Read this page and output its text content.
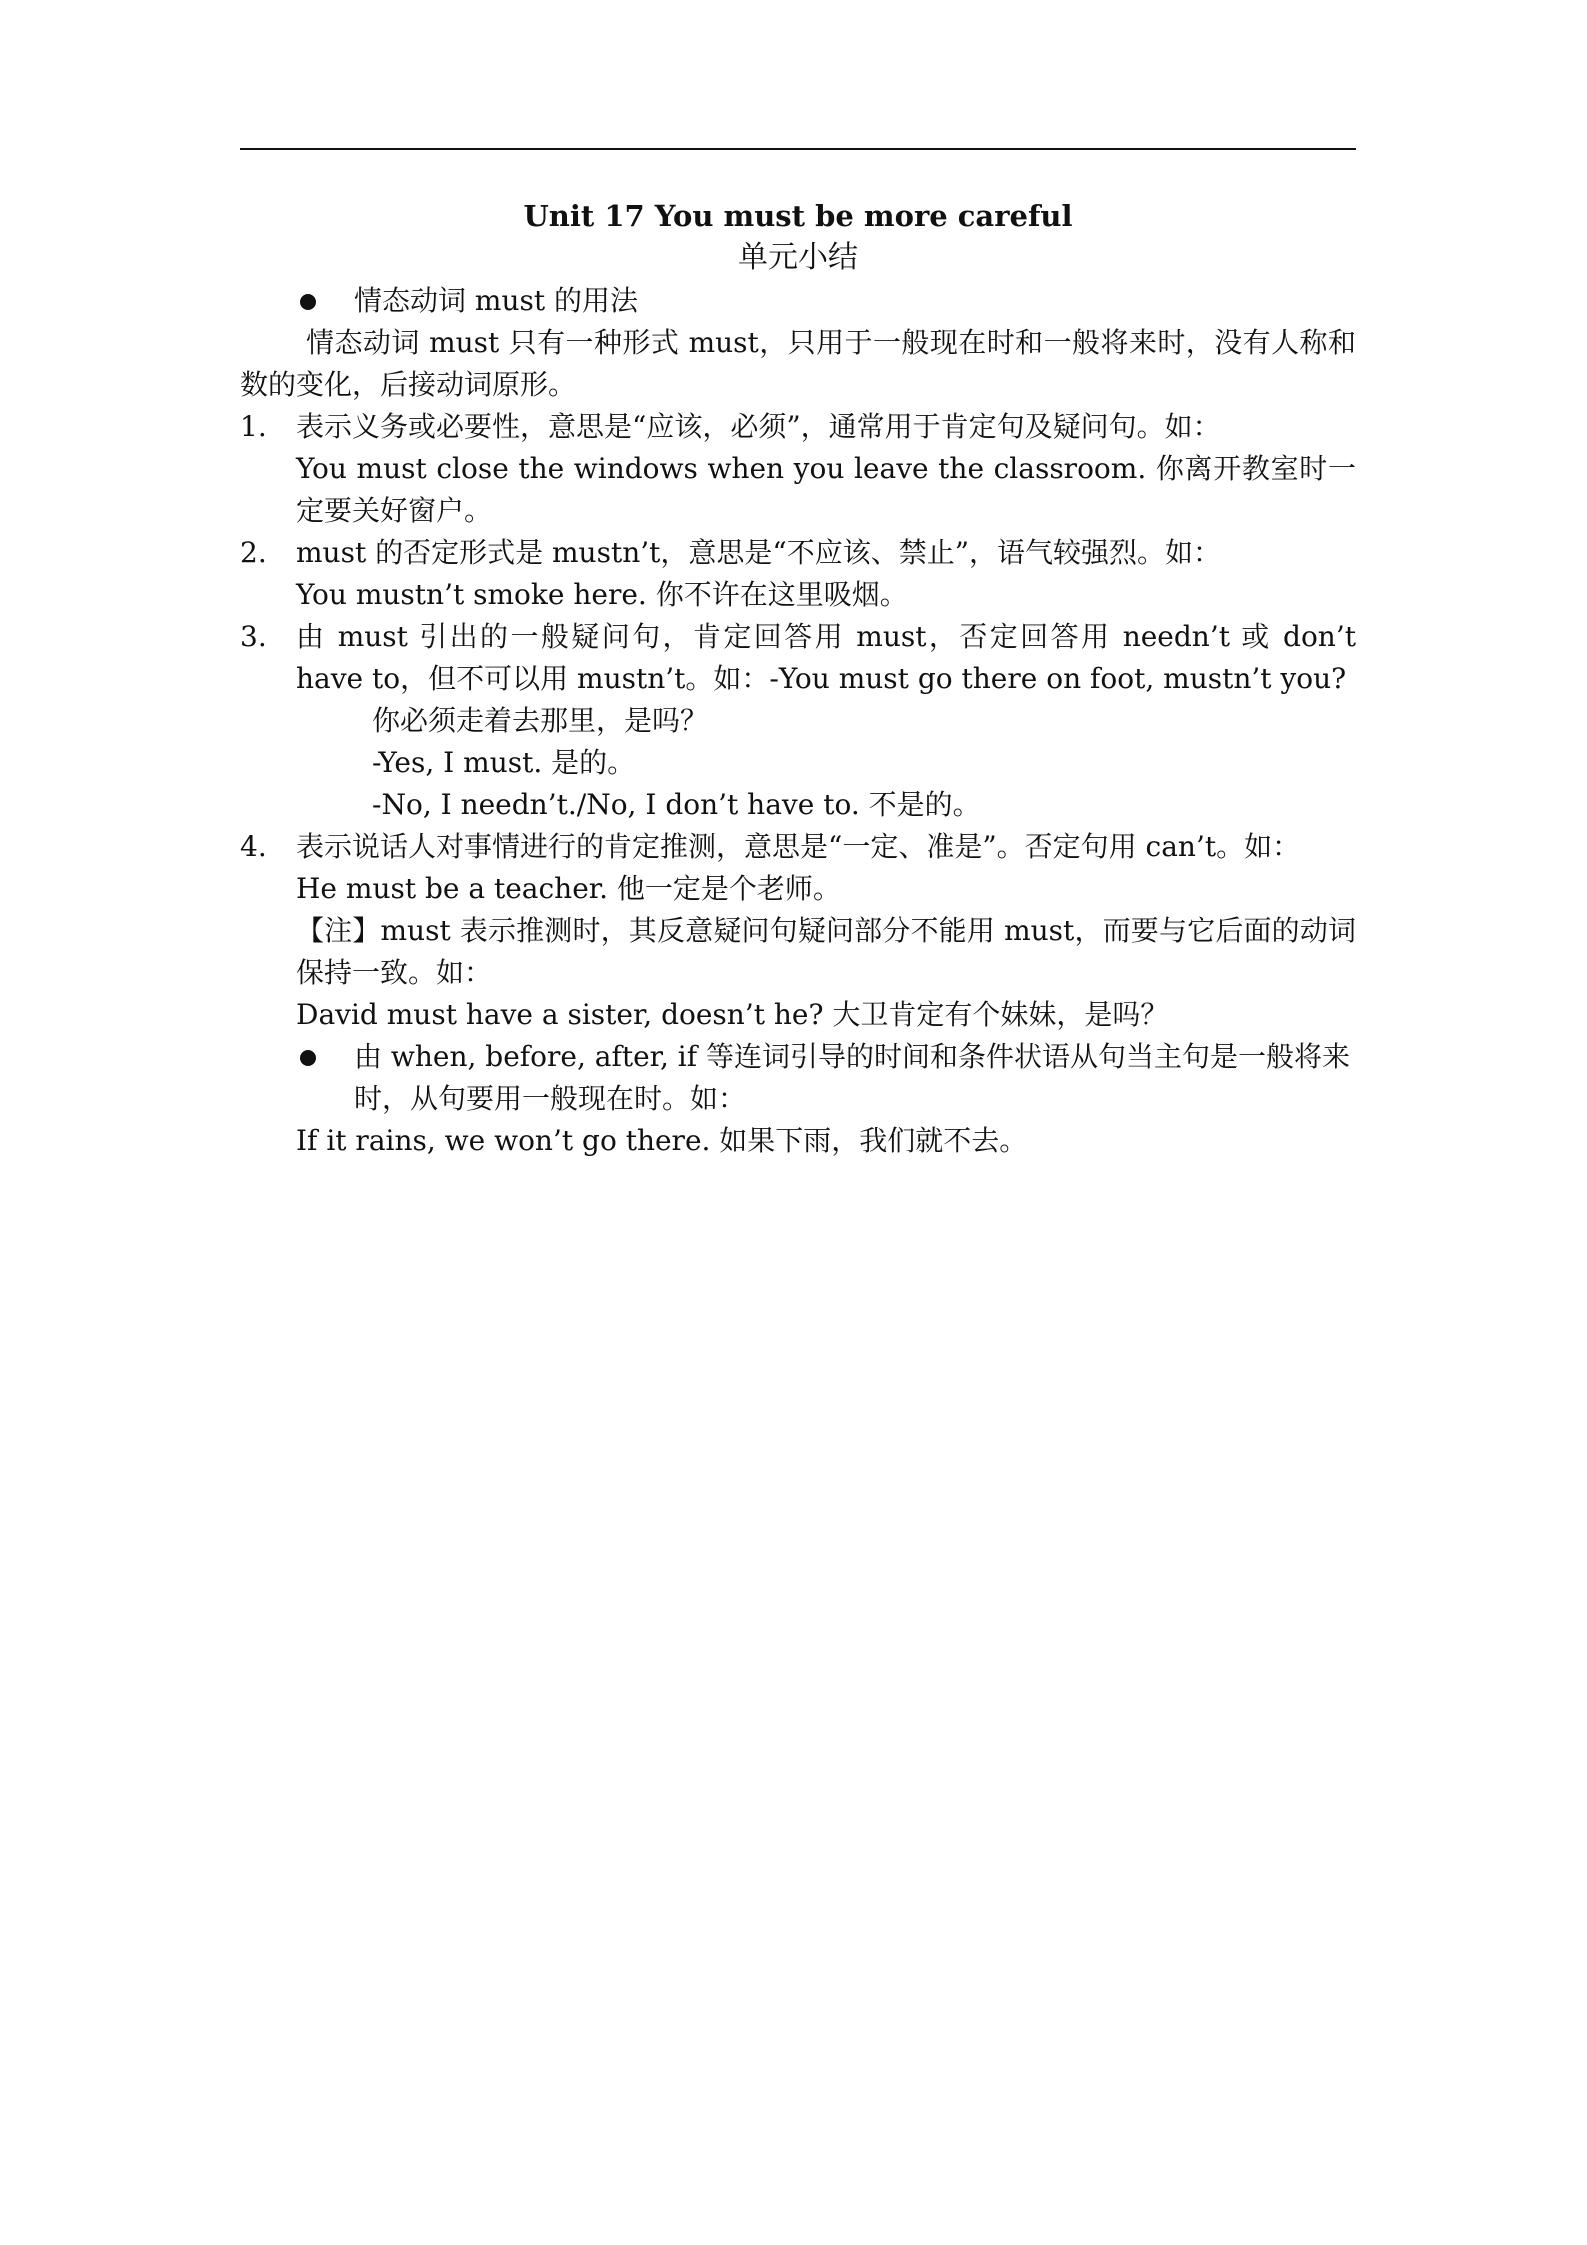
Unit 17 You must be more careful

单元小结

情态动词 must 的用法

情态动词 must 只有一种形式 must，只用于一般现在时和一般将来时，没有人称和数的变化，后接动词原形。

1. 表示义务或必要性，意思是“应该，必须”，通常用于肯定句及疑问句。如：
You must close the windows when you leave the classroom. 你离开教室时一定要关好窗户。
2. must 的否定形式是 mustn’t，意思是“不应该、禁止”，语气较强烈。如：
You mustn’t smoke here. 你不许在这里吸烟。
3. 由 must 引出的一般疑问句，肯定回答用 must，否定回答用 needn’t 或 don’t have to，但不可以用 mustn’t。如：-You must go there on foot, mustn’t you?

你必须走着去那里，是吗？

-Yes, I must. 是的。

-No, I needn’t./No, I don’t have to. 不是的。

4. 表示说话人对事情进行的肯定推测，意思是“一定、准是”。否定句用 can’t。如：
He must be a teacher. 他一定是个老师。
【注】must 表示推测时，其反意疑问句疑问部分不能用 must，而要与它后面的动词保持一致。如：
David must have a sister, doesn’t he? 大卫肯定有个妹妹，是吗？

由 when, before, after, if 等连词引导的时间和条件状语从句当主句是一般将来时，从句要用一般现在时。如：

If it rains, we won’t go there. 如果下雨，我们就不去。
